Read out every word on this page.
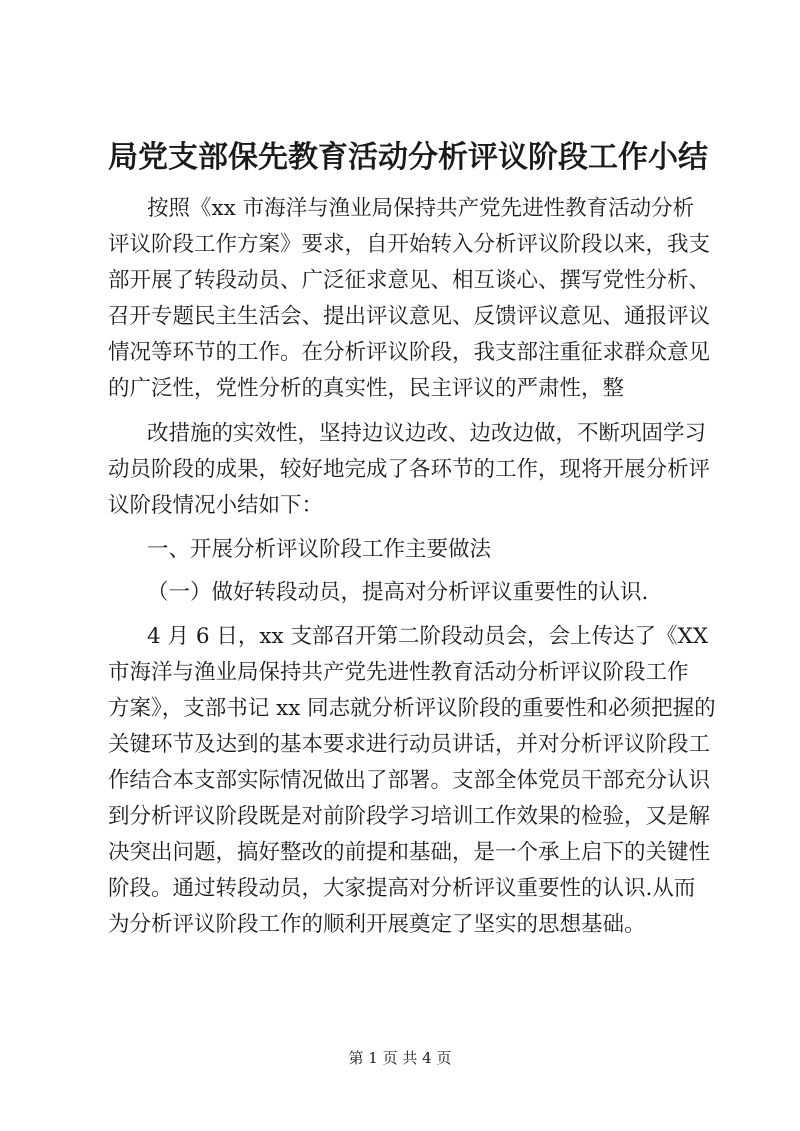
局党支部保先教育活动分析评议阶段工作小结
按照《xx 市海洋与渔业局保持共产党先进性教育活动分析
评议阶段工作方案》要求，自开始转入分析评议阶段以来，我支
部开展了转段动员、广泛征求意见、相互谈心、撰写党性分析、
召开专题民主生活会、提出评议意见、反馈评议意见、通报评议
情况等环节的工作。在分析评议阶段，我支部注重征求群众意见
的广泛性，党性分析的真实性，民主评议的严肃性，整
改措施的实效性，坚持边议边改、边改边做，不断巩固学习
动员阶段的成果，较好地完成了各环节的工作，现将开展分析评
议阶段情况小结如下：
一、开展分析评议阶段工作主要做法
（一）做好转段动员，提高对分析评议重要性的认识.
4 月 6 日，xx 支部召开第二阶段动员会，会上传达了《XX
市海洋与渔业局保持共产党先进性教育活动分析评议阶段工作
方案》，支部书记 xx 同志就分析评议阶段的重要性和必须把握的
关键环节及达到的基本要求进行动员讲话，并对分析评议阶段工
作结合本支部实际情况做出了部署。支部全体党员干部充分认识
到分析评议阶段既是对前阶段学习培训工作效果的检验，又是解
决突出问题，搞好整改的前提和基础，是一个承上启下的关键性
阶段。通过转段动员，大家提高对分析评议重要性的认识.从而
为分析评议阶段工作的顺利开展奠定了坚实的思想基础。
第 1 页 共 4 页
